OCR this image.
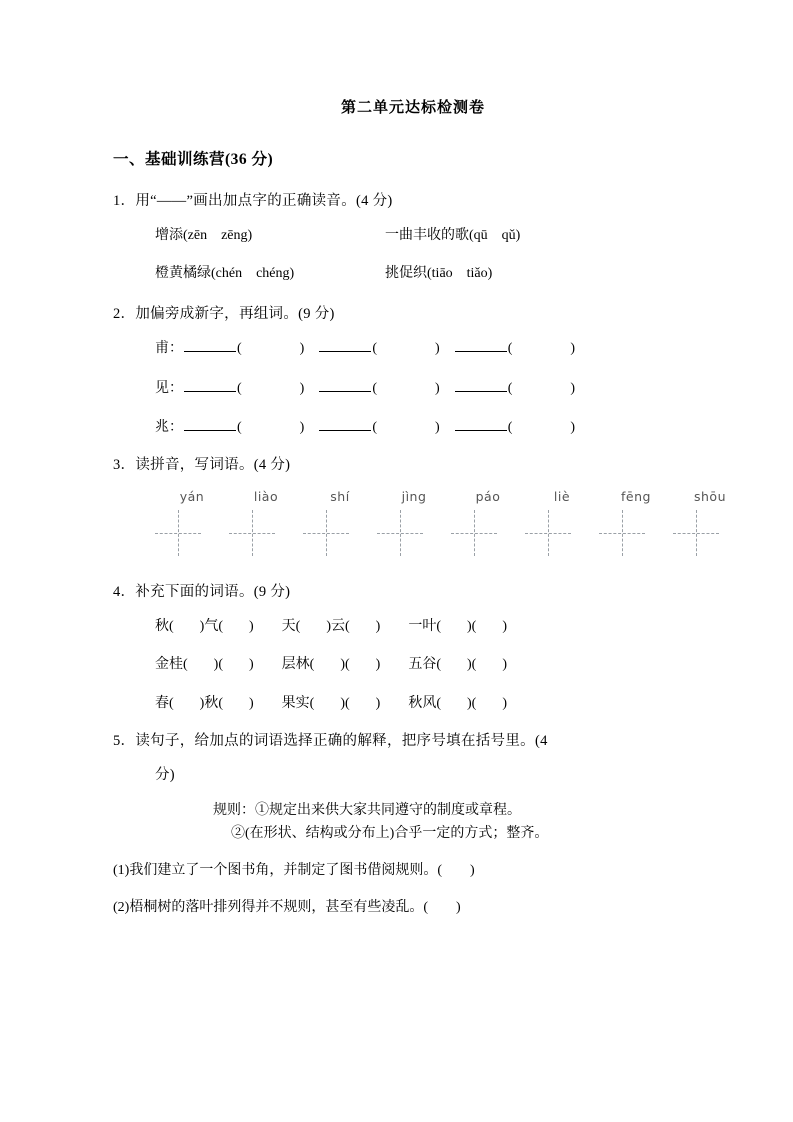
第二单元达标检测卷
一、基础训练营(36 分)
1．用“——”画出加点字的正确读音。(4 分)
增添(zēn　zēng)	一曲丰收的歌(qū　qǔ)
橙黄橘绿(chén　chéng)	挑促织(tiāo　tiǎo)
2．加偏旁成新字，再组词。(9 分)
甫：	(	)　	(	)　	(	)
见：	(	)　	(	)　	(	)
兆：	(	)　	(	)　	(	)
3．读拼音，写词语。(4 分)
yán	liào	shí	jìng	páo	liè	fēng	shōu
4．补充下面的词语。(9 分)
秋( )气( )　　 天( )云( )　　 一叶( )( )
金桂( )( )　　 层林( )( )　　 五谷( )( )
春( )秋( )　　 果实( )( )　　 秋风( )( )
5．读句子，给加点的词语选择正确的解释，把序号填在括号里。(4
分)
规则：①规定出来供大家共同遵守的制度或章程。
②(在形状、结构或分布上)合乎一定的方式；整齐。
(1)我们建立了一个图书角，并制定了图书借阅规则。(　　)
(2)梧桐树的落叶排列得并不规则，甚至有些凌乱。(　　)
